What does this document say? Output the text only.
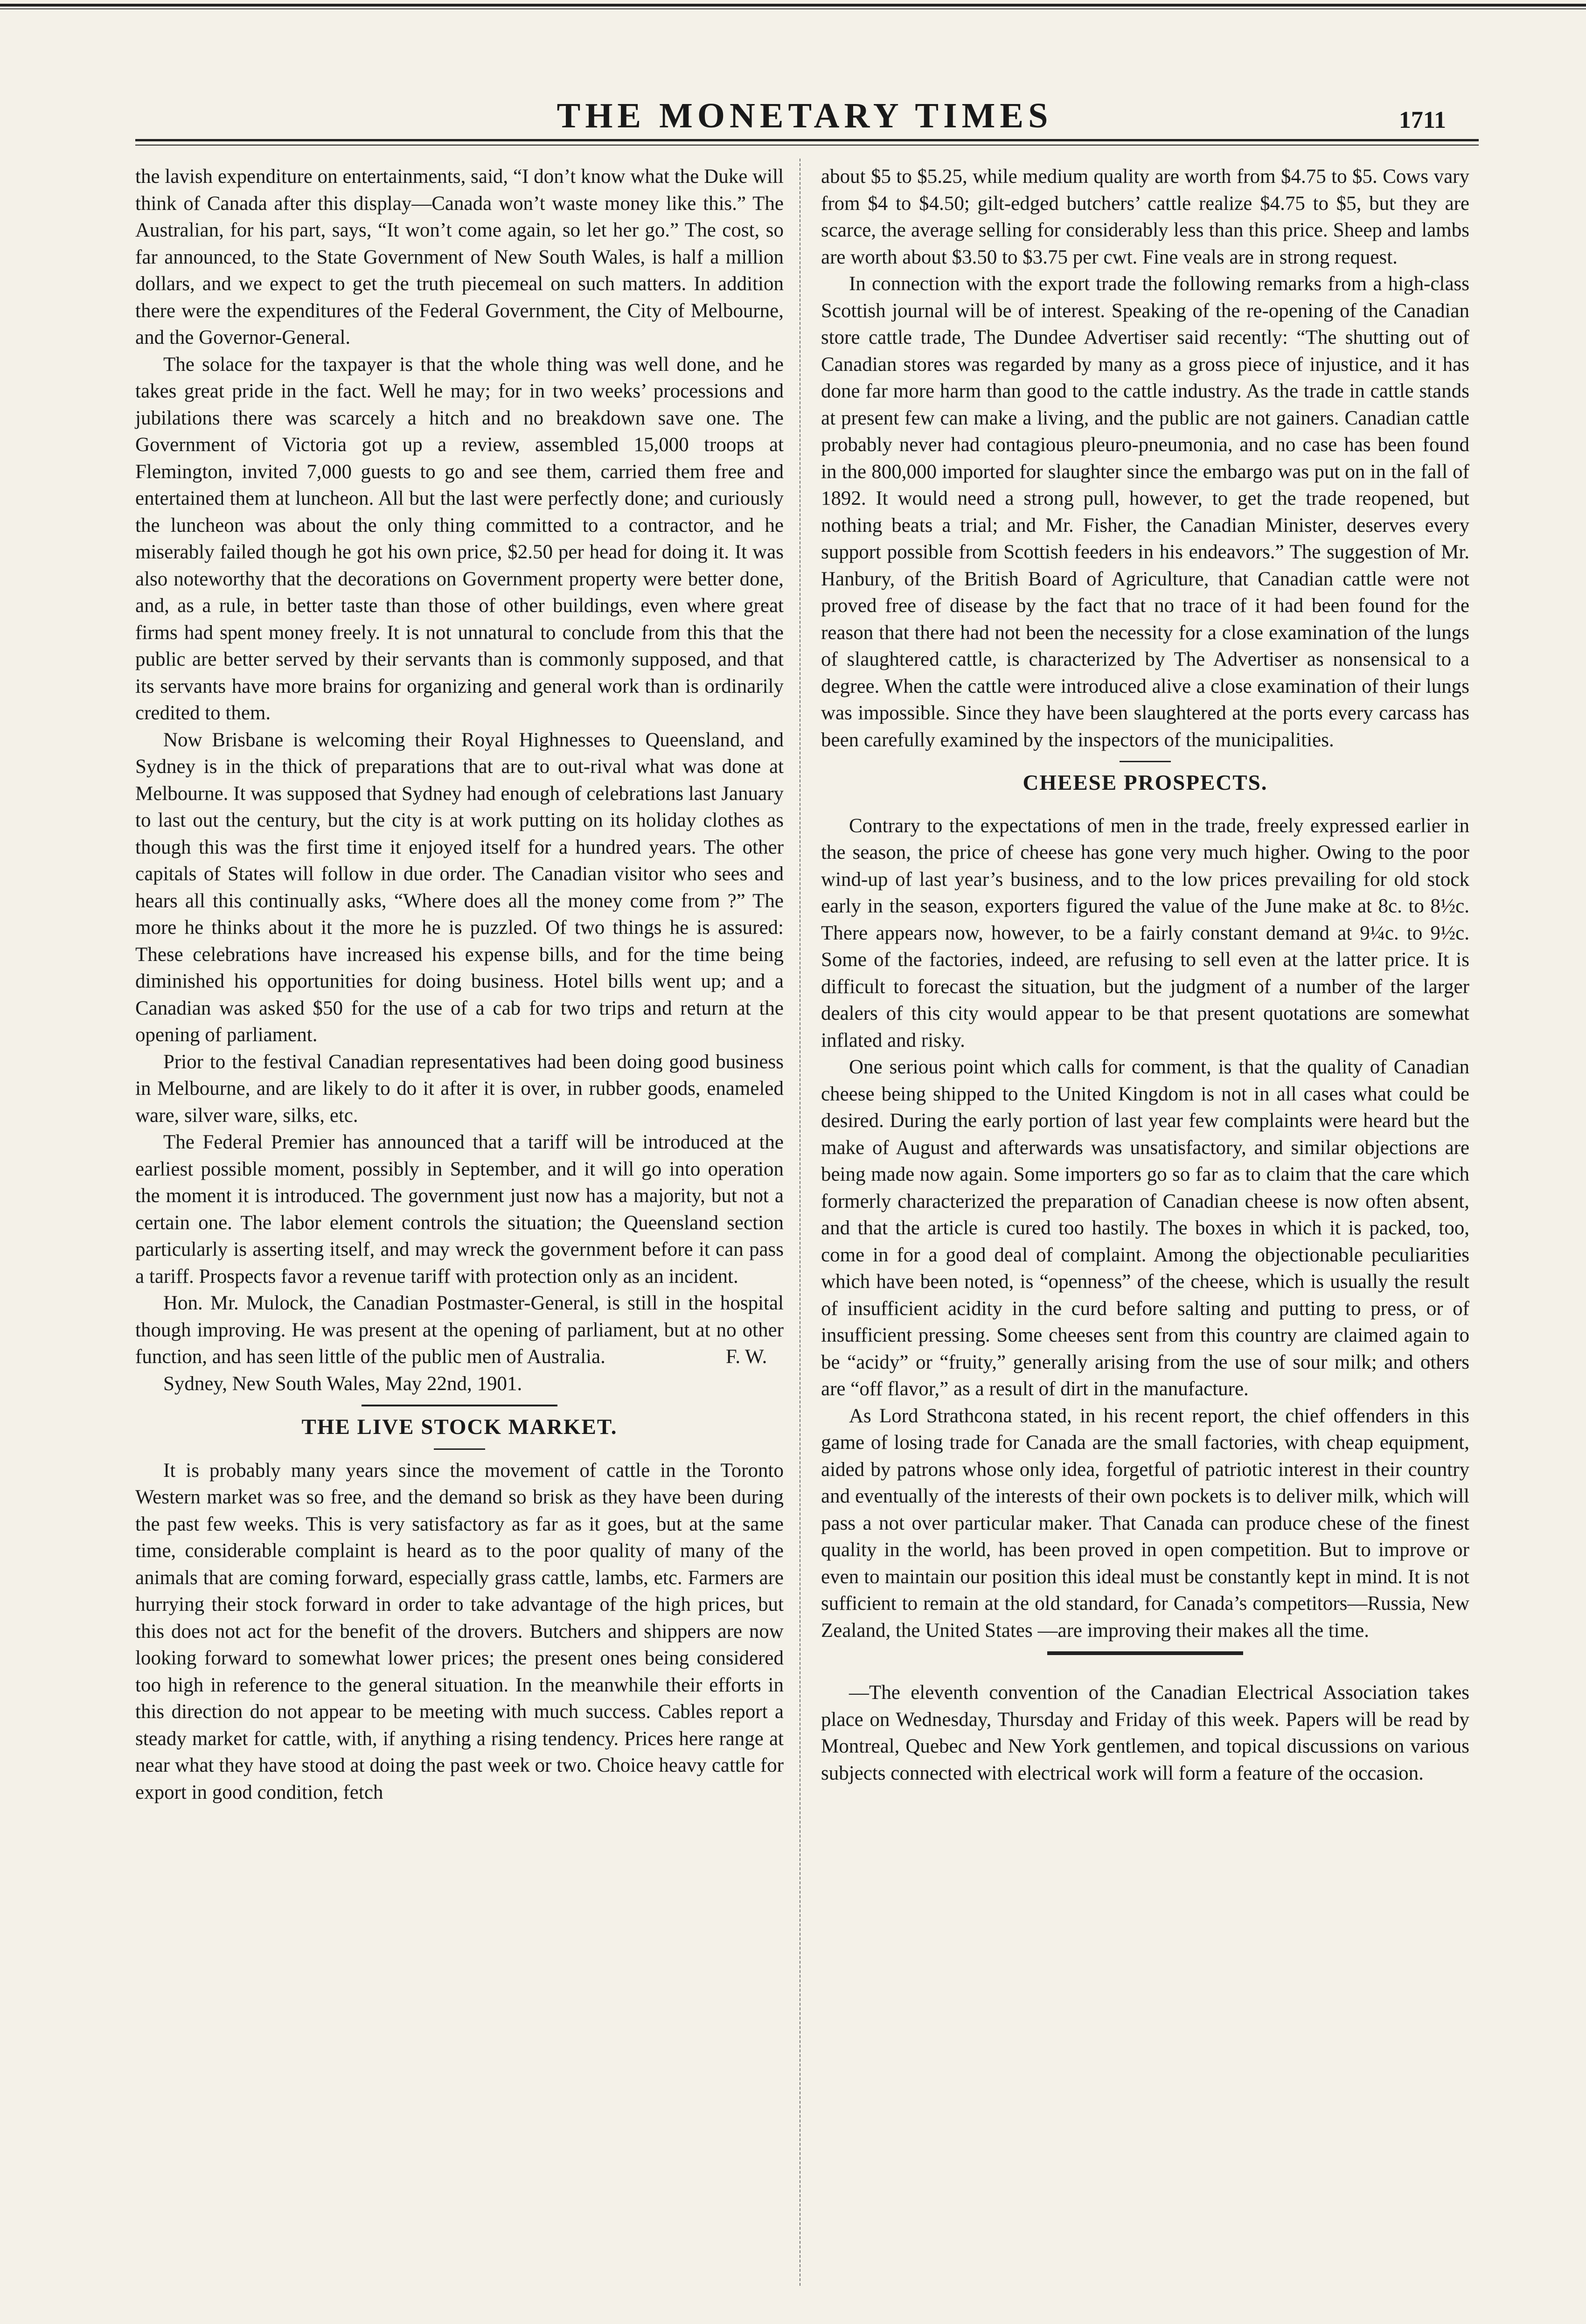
THE MONETARY TIMES	1711

the lavish expenditure on entertainments, said, “I don’t know what the Duke will think of Canada after this display—Canada won’t waste money like this.” The Australian, for his part, says, “It won’t come again, so let her go.” The cost, so far announced, to the State Government of New South Wales, is half a million dollars, and we expect to get the truth piecemeal on such matters. In addition there were the expenditures of the Federal Government, the City of Melbourne, and the Governor-General.

The solace for the taxpayer is that the whole thing was well done, and he takes great pride in the fact. Well he may; for in two weeks’ processions and jubilations there was scarcely a hitch and no breakdown save one. The Government of Victoria got up a review, assembled 15,000 troops at Flemington, invited 7,000 guests to go and see them, carried them free and entertained them at luncheon. All but the last were perfectly done; and curiously the luncheon was about the only thing committed to a contractor, and he miserably failed though he got his own price, $2.50 per head for doing it. It was also noteworthy that the decorations on Government property were better done, and, as a rule, in better taste than those of other buildings, even where great firms had spent money freely. It is not unnatural to conclude from this that the public are better served by their servants than is commonly supposed, and that its servants have more brains for organizing and general work than is ordinarily credited to them.

Now Brisbane is welcoming their Royal Highnesses to Queensland, and Sydney is in the thick of preparations that are to out-rival what was done at Melbourne. It was supposed that Sydney had enough of celebrations last January to last out the century, but the city is at work putting on its holiday clothes as though this was the first time it enjoyed itself for a hundred years. The other capitals of States will follow in due order. The Canadian visitor who sees and hears all this continually asks, “Where does all the money come from ?” The more he thinks about it the more he is puzzled. Of two things he is assured: These celebrations have increased his expense bills, and for the time being diminished his opportunities for doing business. Hotel bills went up; and a Canadian was asked $50 for the use of a cab for two trips and return at the opening of parliament.

Prior to the festival Canadian representatives had been doing good business in Melbourne, and are likely to do it after it is over, in rubber goods, enameled ware, silver ware, silks, etc.

The Federal Premier has announced that a tariff will be introduced at the earliest possible moment, possibly in September, and it will go into operation the moment it is introduced. The government just now has a majority, but not a certain one. The labor element controls the situation; the Queensland section particularly is asserting itself, and may wreck the government before it can pass a tariff. Prospects favor a revenue tariff with protection only as an incident.

Hon. Mr. Mulock, the Canadian Postmaster-General, is still in the hospital though improving. He was present at the opening of parliament, but at no other function, and has seen little of the public men of Australia.      F. W.

Sydney, New South Wales, May 22nd, 1901.

THE LIVE STOCK MARKET.

It is probably many years since the movement of cattle in the Toronto Western market was so free, and the demand so brisk as they have been during the past few weeks. This is very satisfactory as far as it goes, but at the same time, considerable complaint is heard as to the poor quality of many of the animals that are coming forward, especially grass cattle, lambs, etc. Farmers are hurrying their stock forward in order to take advantage of the high prices, but this does not act for the benefit of the drovers. Butchers and shippers are now looking forward to somewhat lower prices; the present ones being considered too high in reference to the general situation. In the meanwhile their efforts in this direction do not appear to be meeting with much success. Cables report a steady market for cattle, with, if anything a rising tendency. Prices here range at near what they have stood at doing the past week or two. Choice heavy cattle for export in good condition, fetch

about $5 to $5.25, while medium quality are worth from $4.75 to $5. Cows vary from $4 to $4.50; gilt-edged butchers’ cattle realize $4.75 to $5, but they are scarce, the average selling for considerably less than this price. Sheep and lambs are worth about $3.50 to $3.75 per cwt. Fine veals are in strong request.

In connection with the export trade the following remarks from a high-class Scottish journal will be of interest. Speaking of the re-opening of the Canadian store cattle trade, The Dundee Advertiser said recently: “The shutting out of Canadian stores was regarded by many as a gross piece of injustice, and it has done far more harm than good to the cattle industry. As the trade in cattle stands at present few can make a living, and the public are not gainers. Canadian cattle probably never had contagious pleuro-pneumonia, and no case has been found in the 800,000 imported for slaughter since the embargo was put on in the fall of 1892. It would need a strong pull, however, to get the trade reopened, but nothing beats a trial; and Mr. Fisher, the Canadian Minister, deserves every support possible from Scottish feeders in his endeavors.” The suggestion of Mr. Hanbury, of the British Board of Agriculture, that Canadian cattle were not proved free of disease by the fact that no trace of it had been found for the reason that there had not been the necessity for a close examination of the lungs of slaughtered cattle, is characterized by The Advertiser as nonsensical to a degree. When the cattle were introduced alive a close examination of their lungs was impossible. Since they have been slaughtered at the ports every carcass has been carefully examined by the inspectors of the municipalities.

CHEESE PROSPECTS.

Contrary to the expectations of men in the trade, freely expressed earlier in the season, the price of cheese has gone very much higher. Owing to the poor wind-up of last year’s business, and to the low prices prevailing for old stock early in the season, exporters figured the value of the June make at 8c. to 8½c. There appears now, however, to be a fairly constant demand at 9¼c. to 9½c. Some of the factories, indeed, are refusing to sell even at the latter price. It is difficult to forecast the situation, but the judgment of a number of the larger dealers of this city would appear to be that present quotations are somewhat inflated and risky.

One serious point which calls for comment, is that the quality of Canadian cheese being shipped to the United Kingdom is not in all cases what could be desired. During the early portion of last year few complaints were heard but the make of August and afterwards was unsatisfactory, and similar objections are being made now again. Some importers go so far as to claim that the care which formerly characterized the preparation of Canadian cheese is now often absent, and that the article is cured too hastily. The boxes in which it is packed, too, come in for a good deal of complaint. Among the objectionable peculiarities which have been noted, is “openness” of the cheese, which is usually the result of insufficient acidity in the curd before salting and putting to press, or of insufficient pressing. Some cheeses sent from this country are claimed again to be “acidy” or “fruity,” generally arising from the use of sour milk; and others are “off flavor,” as a result of dirt in the manufacture.

As Lord Strathcona stated, in his recent report, the chief offenders in this game of losing trade for Canada are the small factories, with cheap equipment, aided by patrons whose only idea, forgetful of patriotic interest in their country and eventually of the interests of their own pockets is to deliver milk, which will pass a not over particular maker. That Canada can produce chese of the finest quality in the world, has been proved in open competition. But to improve or even to maintain our position this ideal must be constantly kept in mind. It is not sufficient to remain at the old standard, for Canada’s competitors—Russia, New Zealand, the United States —are improving their makes all the time.

—The eleventh convention of the Canadian Electrical Association takes place on Wednesday, Thursday and Friday of this week. Papers will be read by Montreal, Quebec and New York gentlemen, and topical discussions on various subjects connected with electrical work will form a feature of the occasion.
